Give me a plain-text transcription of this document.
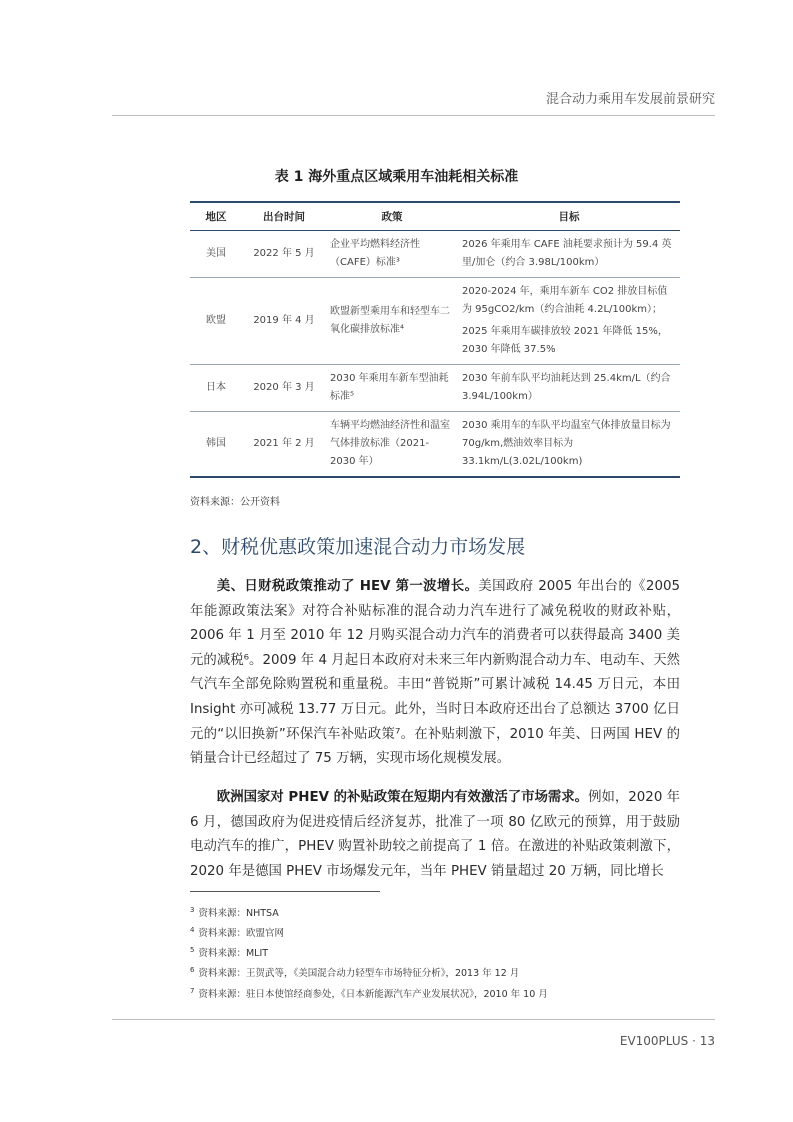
混合动力乘用车发展前景研究
表 1 海外重点区域乘用车油耗相关标准
地区	出台时间	政策	目标
美国	2022 年 5 月	企业平均燃料经济性（CAFE）标准³	2026 年乘用车 CAFE 油耗要求预计为 59.4 英里/加仑（约合 3.98L/100km）

欧盟	2019 年 4 月	欧盟新型乘用车和轻型车二氧化碳排放标准⁴	2020-2024 年，乘用车新车 CO2 排放目标值为 95gCO2/km（约合油耗 4.2L/100km）；

2025 年乘用车碳排放较 2021 年降低 15%，2030 年降低 37.5%

日本	2020 年 3 月	2030 年乘用车新车型油耗标准⁵	2030 年前车队平均油耗达到 25.4km/L（约合 3.94L/100km）

韩国	2021 年 2 月	车辆平均燃油经济性和温室气体排放标准（2021-2030 年）	2030 乘用车的车队平均温室气体排放量目标为 70g/km,燃油效率目标为 33.1km/L(3.02L/100km)

资料来源：公开资料
2、财税优惠政策加速混合动力市场发展

美、日财税政策推动了 HEV 第一波增长。美国政府 2005 年出台的《2005 年能源政策法案》对符合补贴标准的混合动力汽车进行了减免税收的财政补贴，2006 年 1 月至 2010 年 12 月购买混合动力汽车的消费者可以获得最高 3400 美元的减税⁶。2009 年 4 月起日本政府对未来三年内新购混合动力车、电动车、天然气汽车全部免除购置税和重量税。丰田“普锐斯”可累计减税 14.45 万日元，本田 Insight 亦可减税 13.77 万日元。此外，当时日本政府还出台了总额达 3700 亿日元的“以旧换新”环保汽车补贴政策⁷。在补贴刺激下，2010 年美、日两国 HEV 的销量合计已经超过了 75 万辆，实现市场化规模发展。

欧洲国家对 PHEV 的补贴政策在短期内有效激活了市场需求。例如，2020 年 6 月，德国政府为促进疫情后经济复苏，批准了一项 80 亿欧元的预算，用于鼓励电动汽车的推广，PHEV 购置补助较之前提高了 1 倍。在激进的补贴政策刺激下，2020 年是德国 PHEV 市场爆发元年，当年 PHEV 销量超过 20 万辆，同比增长

$^3$ 资料来源：NHTSA
$^4$ 资料来源：欧盟官网
$^5$ 资料来源：MLIT
$^6$ 资料来源：王贺武等，《美国混合动力轻型车市场特征分析》，2013 年 12 月
$^7$ 资料来源：驻日本使馆经商参处，《日本新能源汽车产业发展状况》，2010 年 10 月
EV100PLUS · 13
